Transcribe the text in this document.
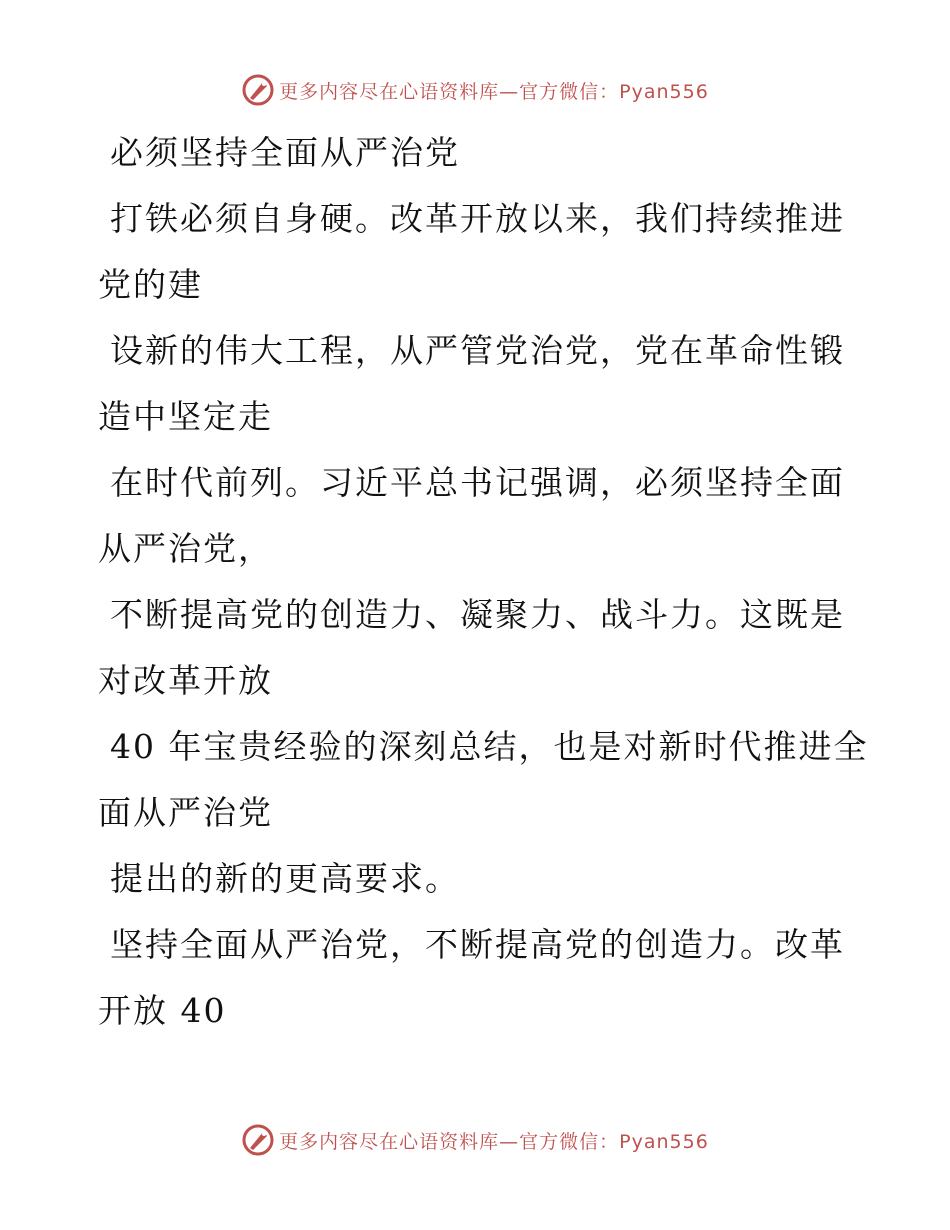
更多内容尽在心语资料库—官方微信：Pyan556
必须坚持全面从严治党
打铁必须自身硬。改革开放以来，我们持续推进
党的建
设新的伟大工程，从严管党治党，党在革命性锻
造中坚定走
在时代前列。习近平总书记强调，必须坚持全面
从严治党，
不断提高党的创造力、凝聚力、战斗力。这既是
对改革开放
40 年宝贵经验的深刻总结，也是对新时代推进全
面从严治党
提出的新的更高要求。
坚持全面从严治党，不断提高党的创造力。改革
开放 40
更多内容尽在心语资料库—官方微信：Pyan556
